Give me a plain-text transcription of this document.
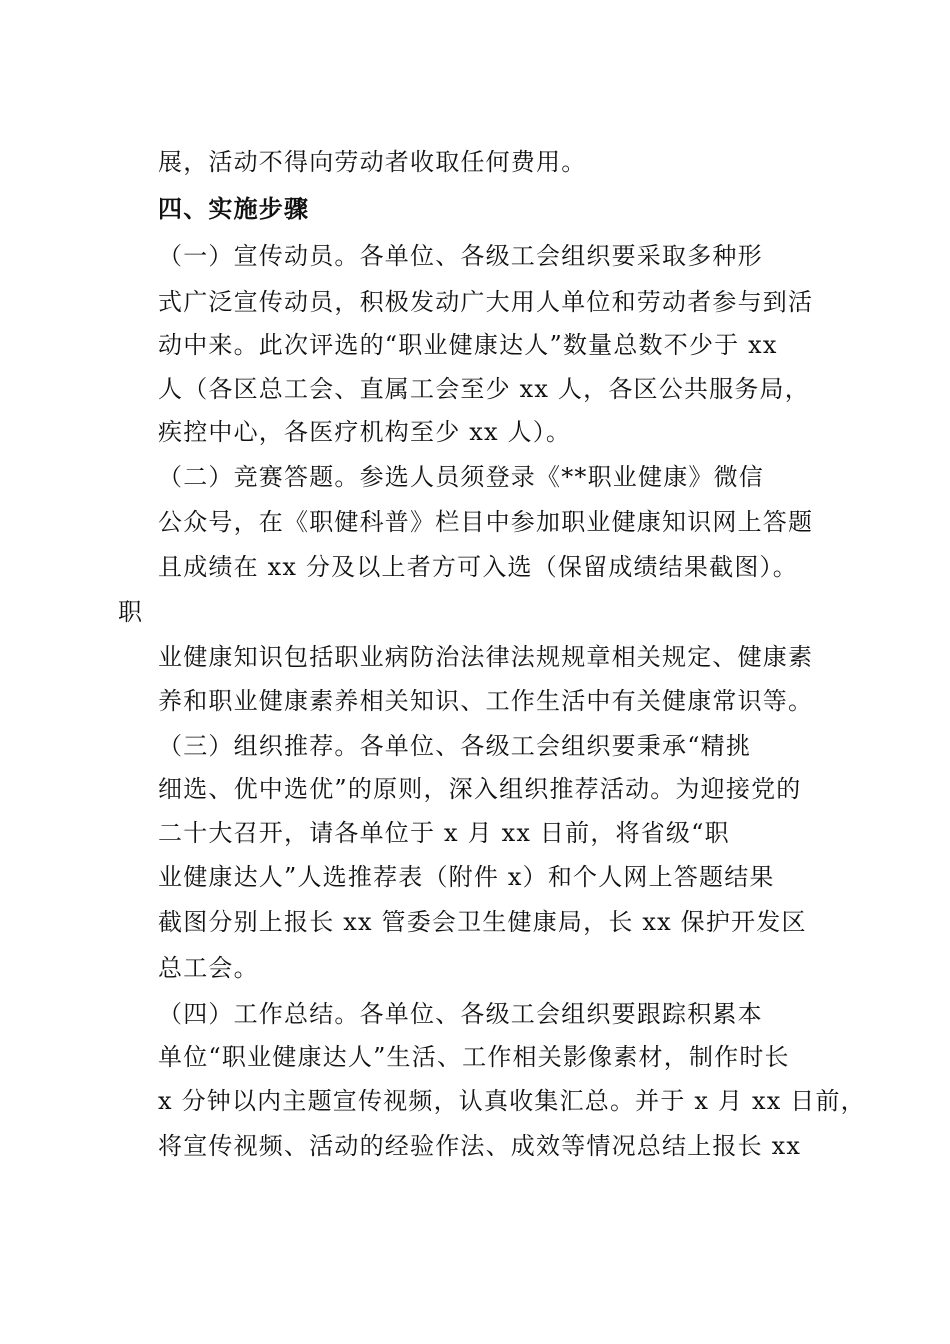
展，活动不得向劳动者收取任何费用。
四、实施步骤
（一）宣传动员。各单位、各级工会组织要采取多种形
式广泛宣传动员，积极发动广大用人单位和劳动者参与到活
动中来。此次评选的“职业健康达人”数量总数不少于 xx
人（各区总工会、直属工会至少 xx 人，各区公共服务局，
疾控中心，各医疗机构至少 xx 人）。
（二）竞赛答题。参选人员须登录《**职业健康》微信
公众号，在《职健科普》栏目中参加职业健康知识网上答题
且成绩在 xx 分及以上者方可入选（保留成绩结果截图）。
职
业健康知识包括职业病防治法律法规规章相关规定、健康素
养和职业健康素养相关知识、工作生活中有关健康常识等。
（三）组织推荐。各单位、各级工会组织要秉承“精挑
细选、优中选优”的原则，深入组织推荐活动。为迎接党的
二十大召开，请各单位于 x 月 xx 日前，将省级“职
业健康达人”人选推荐表（附件 x）和个人网上答题结果
截图分别上报长 xx 管委会卫生健康局，长 xx 保护开发区
总工会。
（四）工作总结。各单位、各级工会组织要跟踪积累本
单位“职业健康达人”生活、工作相关影像素材，制作时长
x 分钟以内主题宣传视频，认真收集汇总。并于 x 月 xx 日前，
将宣传视频、活动的经验作法、成效等情况总结上报长 xx
